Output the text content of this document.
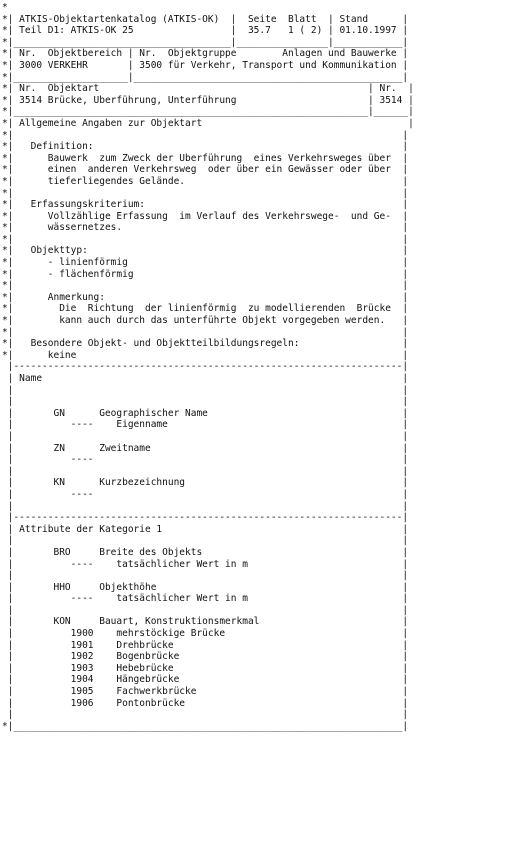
*
*| ATKIS-Objektartenkatalog (ATKIS-OK)  |  Seite  Blatt  | Stand      |
*| Teil D1: ATKIS-OK 25                 |  35.7   1 ( 2) | 01.10.1997 |
*|______________________________________|________________|____________|
*| Nr.  Objektbereich | Nr.  Objektgruppe        Anlagen und Bauwerke |
*| 3000 VERKEHR       | 3500 für Verkehr, Transport und Kommunikation |
*|____________________|_______________________________________________|
*| Nr.  Objektart                                               | Nr.  |
*| 3514 Brücke, Überführung, Unterführung                       | 3514 |
*|______________________________________________________________|______|
*| Allgemeine Angaben zur Objektart                                    |
*|                                                                    |
*|   Definition:                                                      |
*|      Bauwerk  zum Zweck der Überführung  eines Verkehrsweges über  |
*|      einen  anderen Verkehrsweg  oder über ein Gewässer oder über  |
*|      tieferliegendes Gelände.                                      |
*|                                                                    |
*|   Erfassungskriterium:                                             |
*|      Vollzählige Erfassung  im Verlauf des Verkehrswege-  und Ge-  |
*|      wässernetzes.                                                 |
*|                                                                    |
*|   Objekttyp:                                                       |
*|      - linienförmig                                                |
*|      - flächenförmig                                               |
*|                                                                    |
*|      Anmerkung:                                                    |
*|        Die  Richtung  der linienförmig  zu modellierenden  Brücke  |
*|        kann auch durch das unterführte Objekt vorgegeben werden.   |
*|                                                                    |
*|   Besondere Objekt- und Objektteilbildungsregeln:                  |
*|      keine                                                         |
|--------------------------------------------------------------------|
| Name                                                               |
|                                                                    |
|                                                                    |
|       GN      Geographischer Name                                  |
|          ----    Eigenname                                         |
|                                                                    |
|       ZN      Zweitname                                            |
|          ----                                                      |
|                                                                    |
|       KN      Kurzbezeichnung                                      |
|          ----                                                      |
|                                                                    |
|--------------------------------------------------------------------|
| Attribute der Kategorie 1                                          |
|                                                                    |
|       BRO     Breite des Objekts                                   |
|          ----    tatsächlicher Wert in m                           |
|                                                                    |
|       HHO     Objekthöhe                                           |
|          ----    tatsächlicher Wert in m                           |
|                                                                    |
|       KON     Bauart, Konstruktionsmerkmal                         |
|          1900    mehrstöckige Brücke                               |
|          1901    Drehbrücke                                        |
|          1902    Bogenbrücke                                       |
|          1903    Hebebrücke                                        |
|          1904    Hängebrücke                                       |
|          1905    Fachwerkbrücke                                    |
|          1906    Pontonbrücke                                      |
|                                                                    |
*|____________________________________________________________________|
